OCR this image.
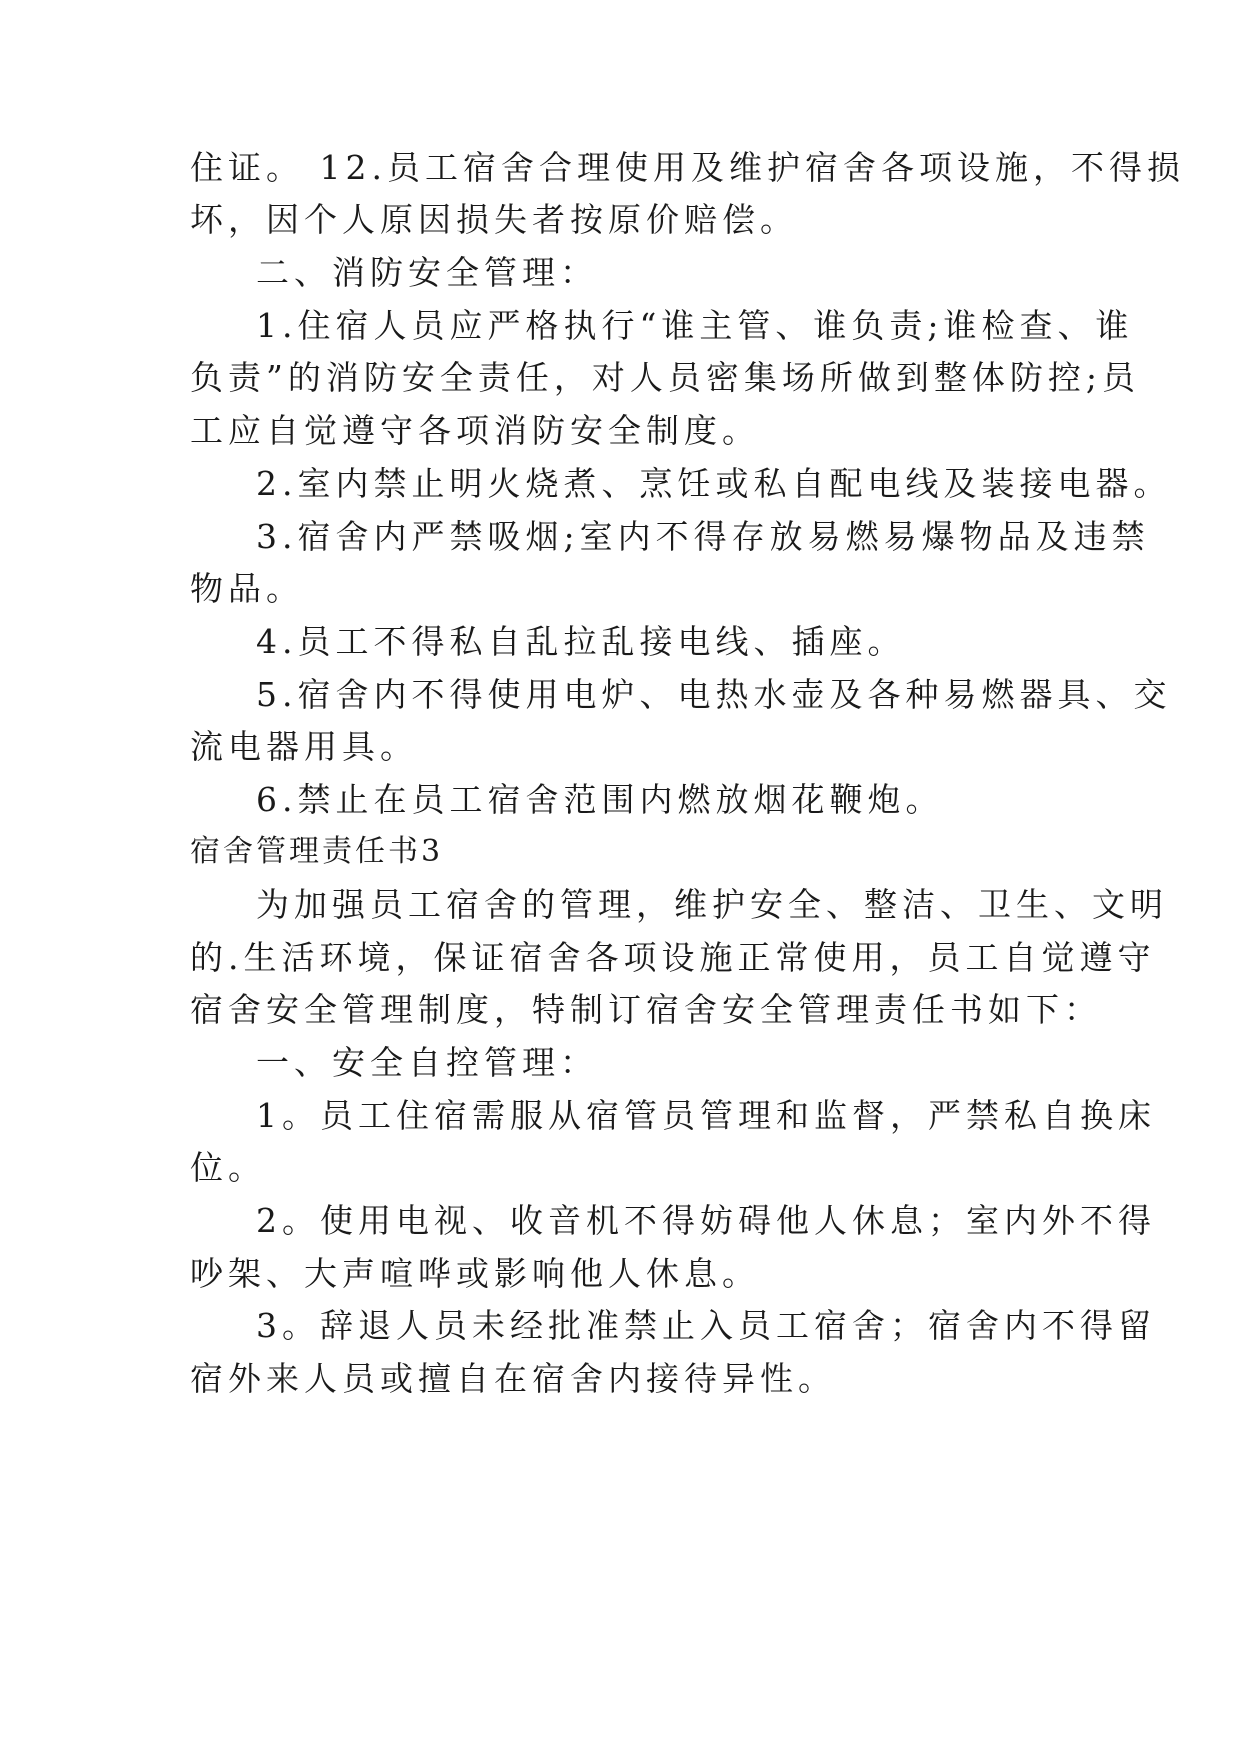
住证。 12.员工宿舍合理使用及维护宿舍各项设施，不得损
坏，因个人原因损失者按原价赔偿。
二、消防安全管理：
1.住宿人员应严格执行“谁主管、谁负责;谁检查、谁
负责”的消防安全责任，对人员密集场所做到整体防控;员
工应自觉遵守各项消防安全制度。
2.室内禁止明火烧煮、烹饪或私自配电线及装接电器。
3.宿舍内严禁吸烟;室内不得存放易燃易爆物品及违禁
物品。
4.员工不得私自乱拉乱接电线、插座。
5.宿舍内不得使用电炉、电热水壶及各种易燃器具、交
流电器用具。
6.禁止在员工宿舍范围内燃放烟花鞭炮。
宿舍管理责任书3
为加强员工宿舍的管理，维护安全、整洁、卫生、文明
的.生活环境，保证宿舍各项设施正常使用，员工自觉遵守
宿舍安全管理制度，特制订宿舍安全管理责任书如下：
一、安全自控管理：
1。员工住宿需服从宿管员管理和监督，严禁私自换床
位。
2。使用电视、收音机不得妨碍他人休息；室内外不得
吵架、大声喧哗或影响他人休息。
3。辞退人员未经批准禁止入员工宿舍；宿舍内不得留
宿外来人员或擅自在宿舍内接待异性。
